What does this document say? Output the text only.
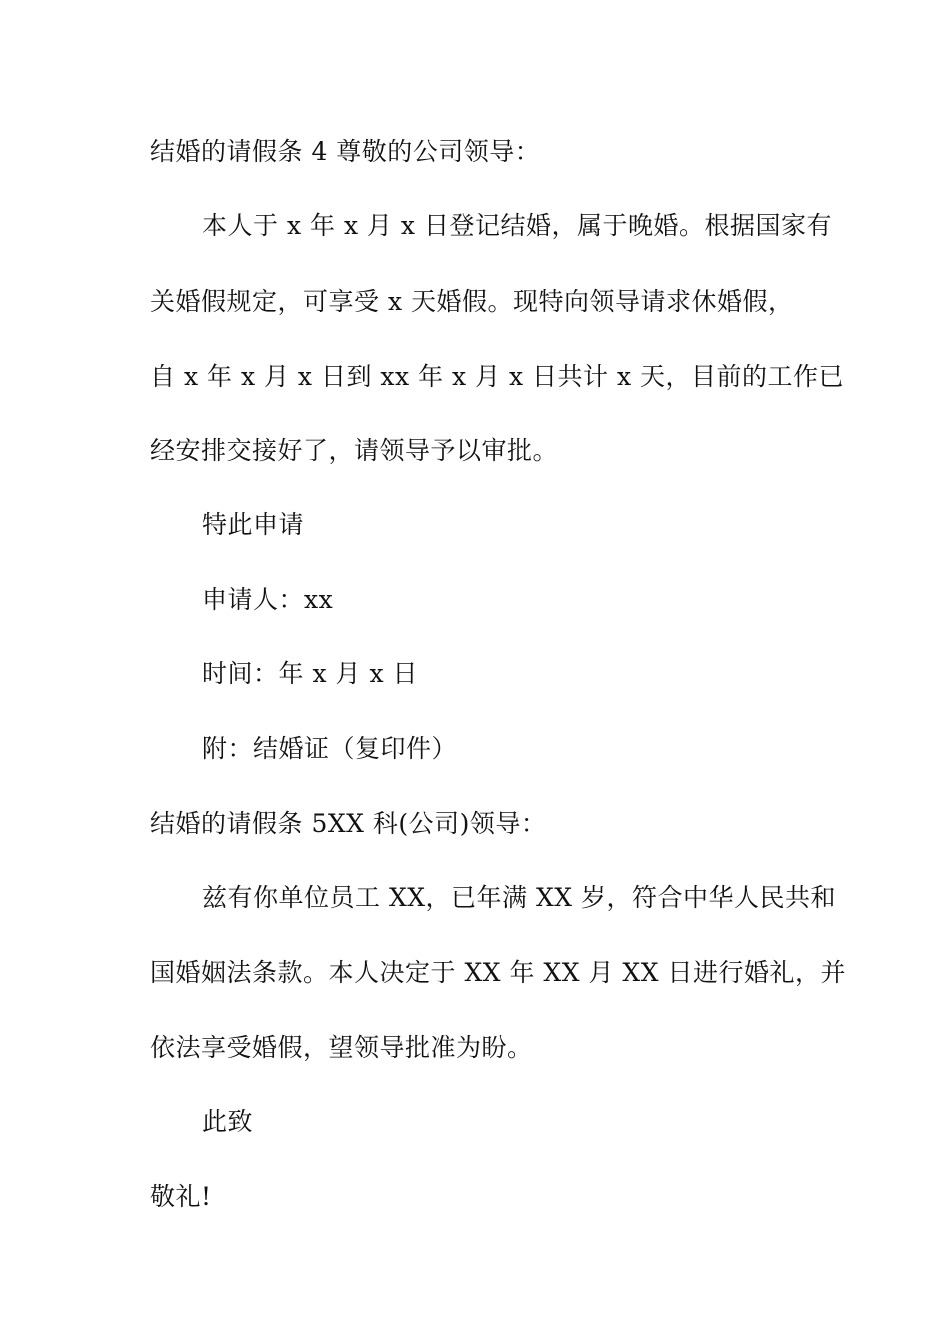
结婚的请假条 4 尊敬的公司领导：
本人于 x 年 x 月 x 日登记结婚，属于晚婚。根据国家有
关婚假规定，可享受 x 天婚假。现特向领导请求休婚假，
自 x 年 x 月 x 日到 xx 年 x 月 x 日共计 x 天，目前的工作已
经安排交接好了，请领导予以审批。
特此申请
申请人：xx
时间：年 x 月 x 日
附：结婚证（复印件）
结婚的请假条 5XX 科(公司)领导：
兹有你单位员工 XX，已年满 XX 岁，符合中华人民共和
国婚姻法条款。本人决定于 XX 年 XX 月 XX 日进行婚礼，并
依法享受婚假，望领导批准为盼。
此致
敬礼!
